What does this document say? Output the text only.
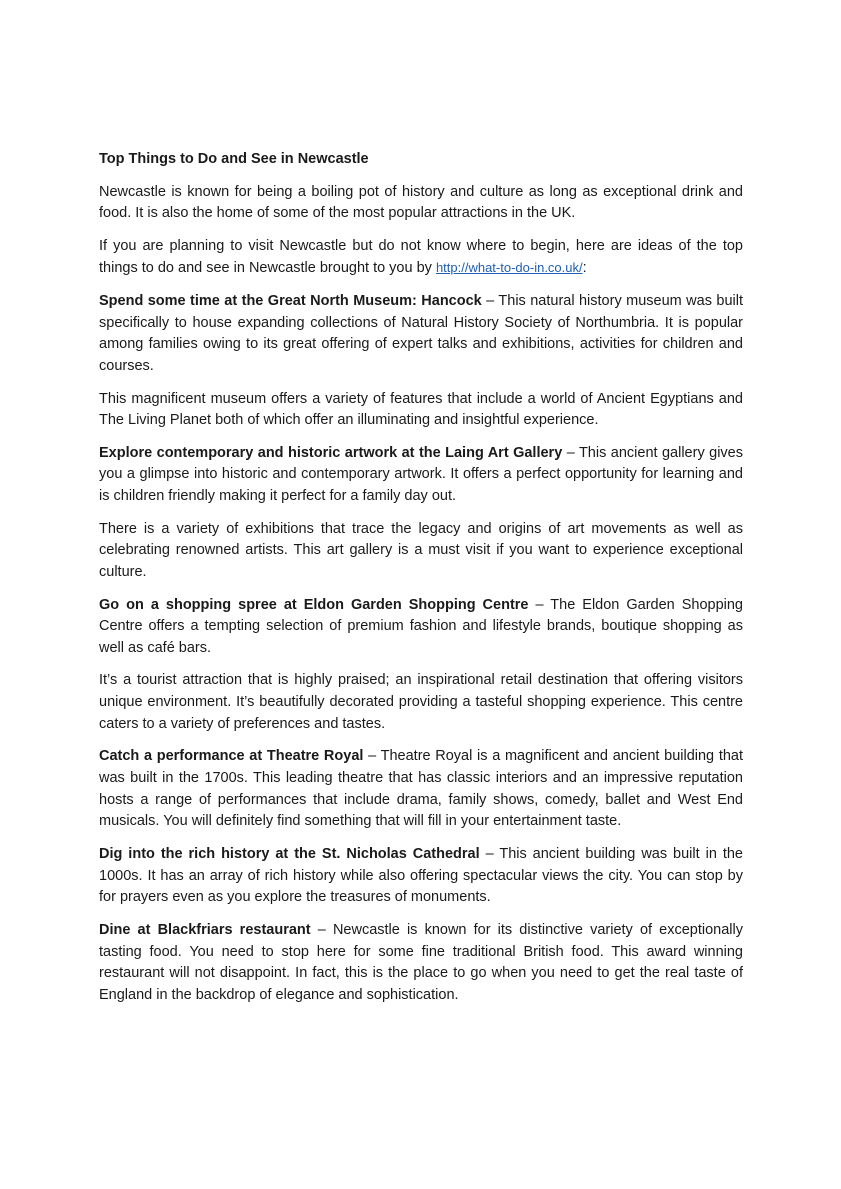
Top Things to Do and See in Newcastle

Newcastle is known for being a boiling pot of history and culture as long as exceptional drink and food. It is also the home of some of the most popular attractions in the UK.

If you are planning to visit Newcastle but do not know where to begin, here are ideas of the top things to do and see in Newcastle brought to you by http://what-to-do-in.co.uk/:

Spend some time at the Great North Museum: Hancock – This natural history museum was built specifically to house expanding collections of Natural History Society of Northumbria. It is popular among families owing to its great offering of expert talks and exhibitions, activities for children and courses.

This magnificent museum offers a variety of features that include a world of Ancient Egyptians and The Living Planet both of which offer an illuminating and insightful experience.

Explore contemporary and historic artwork at the Laing Art Gallery – This ancient gallery gives you a glimpse into historic and contemporary artwork. It offers a perfect opportunity for learning and is children friendly making it perfect for a family day out.

There is a variety of exhibitions that trace the legacy and origins of art movements as well as celebrating renowned artists. This art gallery is a must visit if you want to experience exceptional culture.

Go on a shopping spree at Eldon Garden Shopping Centre – The Eldon Garden Shopping Centre offers a tempting selection of premium fashion and lifestyle brands, boutique shopping as well as café bars.

It’s a tourist attraction that is highly praised; an inspirational retail destination that offering visitors unique environment. It’s beautifully decorated providing a tasteful shopping experience. This centre caters to a variety of preferences and tastes.

Catch a performance at Theatre Royal – Theatre Royal is a magnificent and ancient building that was built in the 1700s. This leading theatre that has classic interiors and an impressive reputation hosts a range of performances that include drama, family shows, comedy, ballet and West End musicals. You will definitely find something that will fill in your entertainment taste.

Dig into the rich history at the St. Nicholas Cathedral – This ancient building was built in the 1000s. It has an array of rich history while also offering spectacular views the city. You can stop by for prayers even as you explore the treasures of monuments.

Dine at Blackfriars restaurant – Newcastle is known for its distinctive variety of exceptionally tasting food. You need to stop here for some fine traditional British food. This award winning restaurant will not disappoint. In fact, this is the place to go when you need to get the real taste of England in the backdrop of elegance and sophistication.
